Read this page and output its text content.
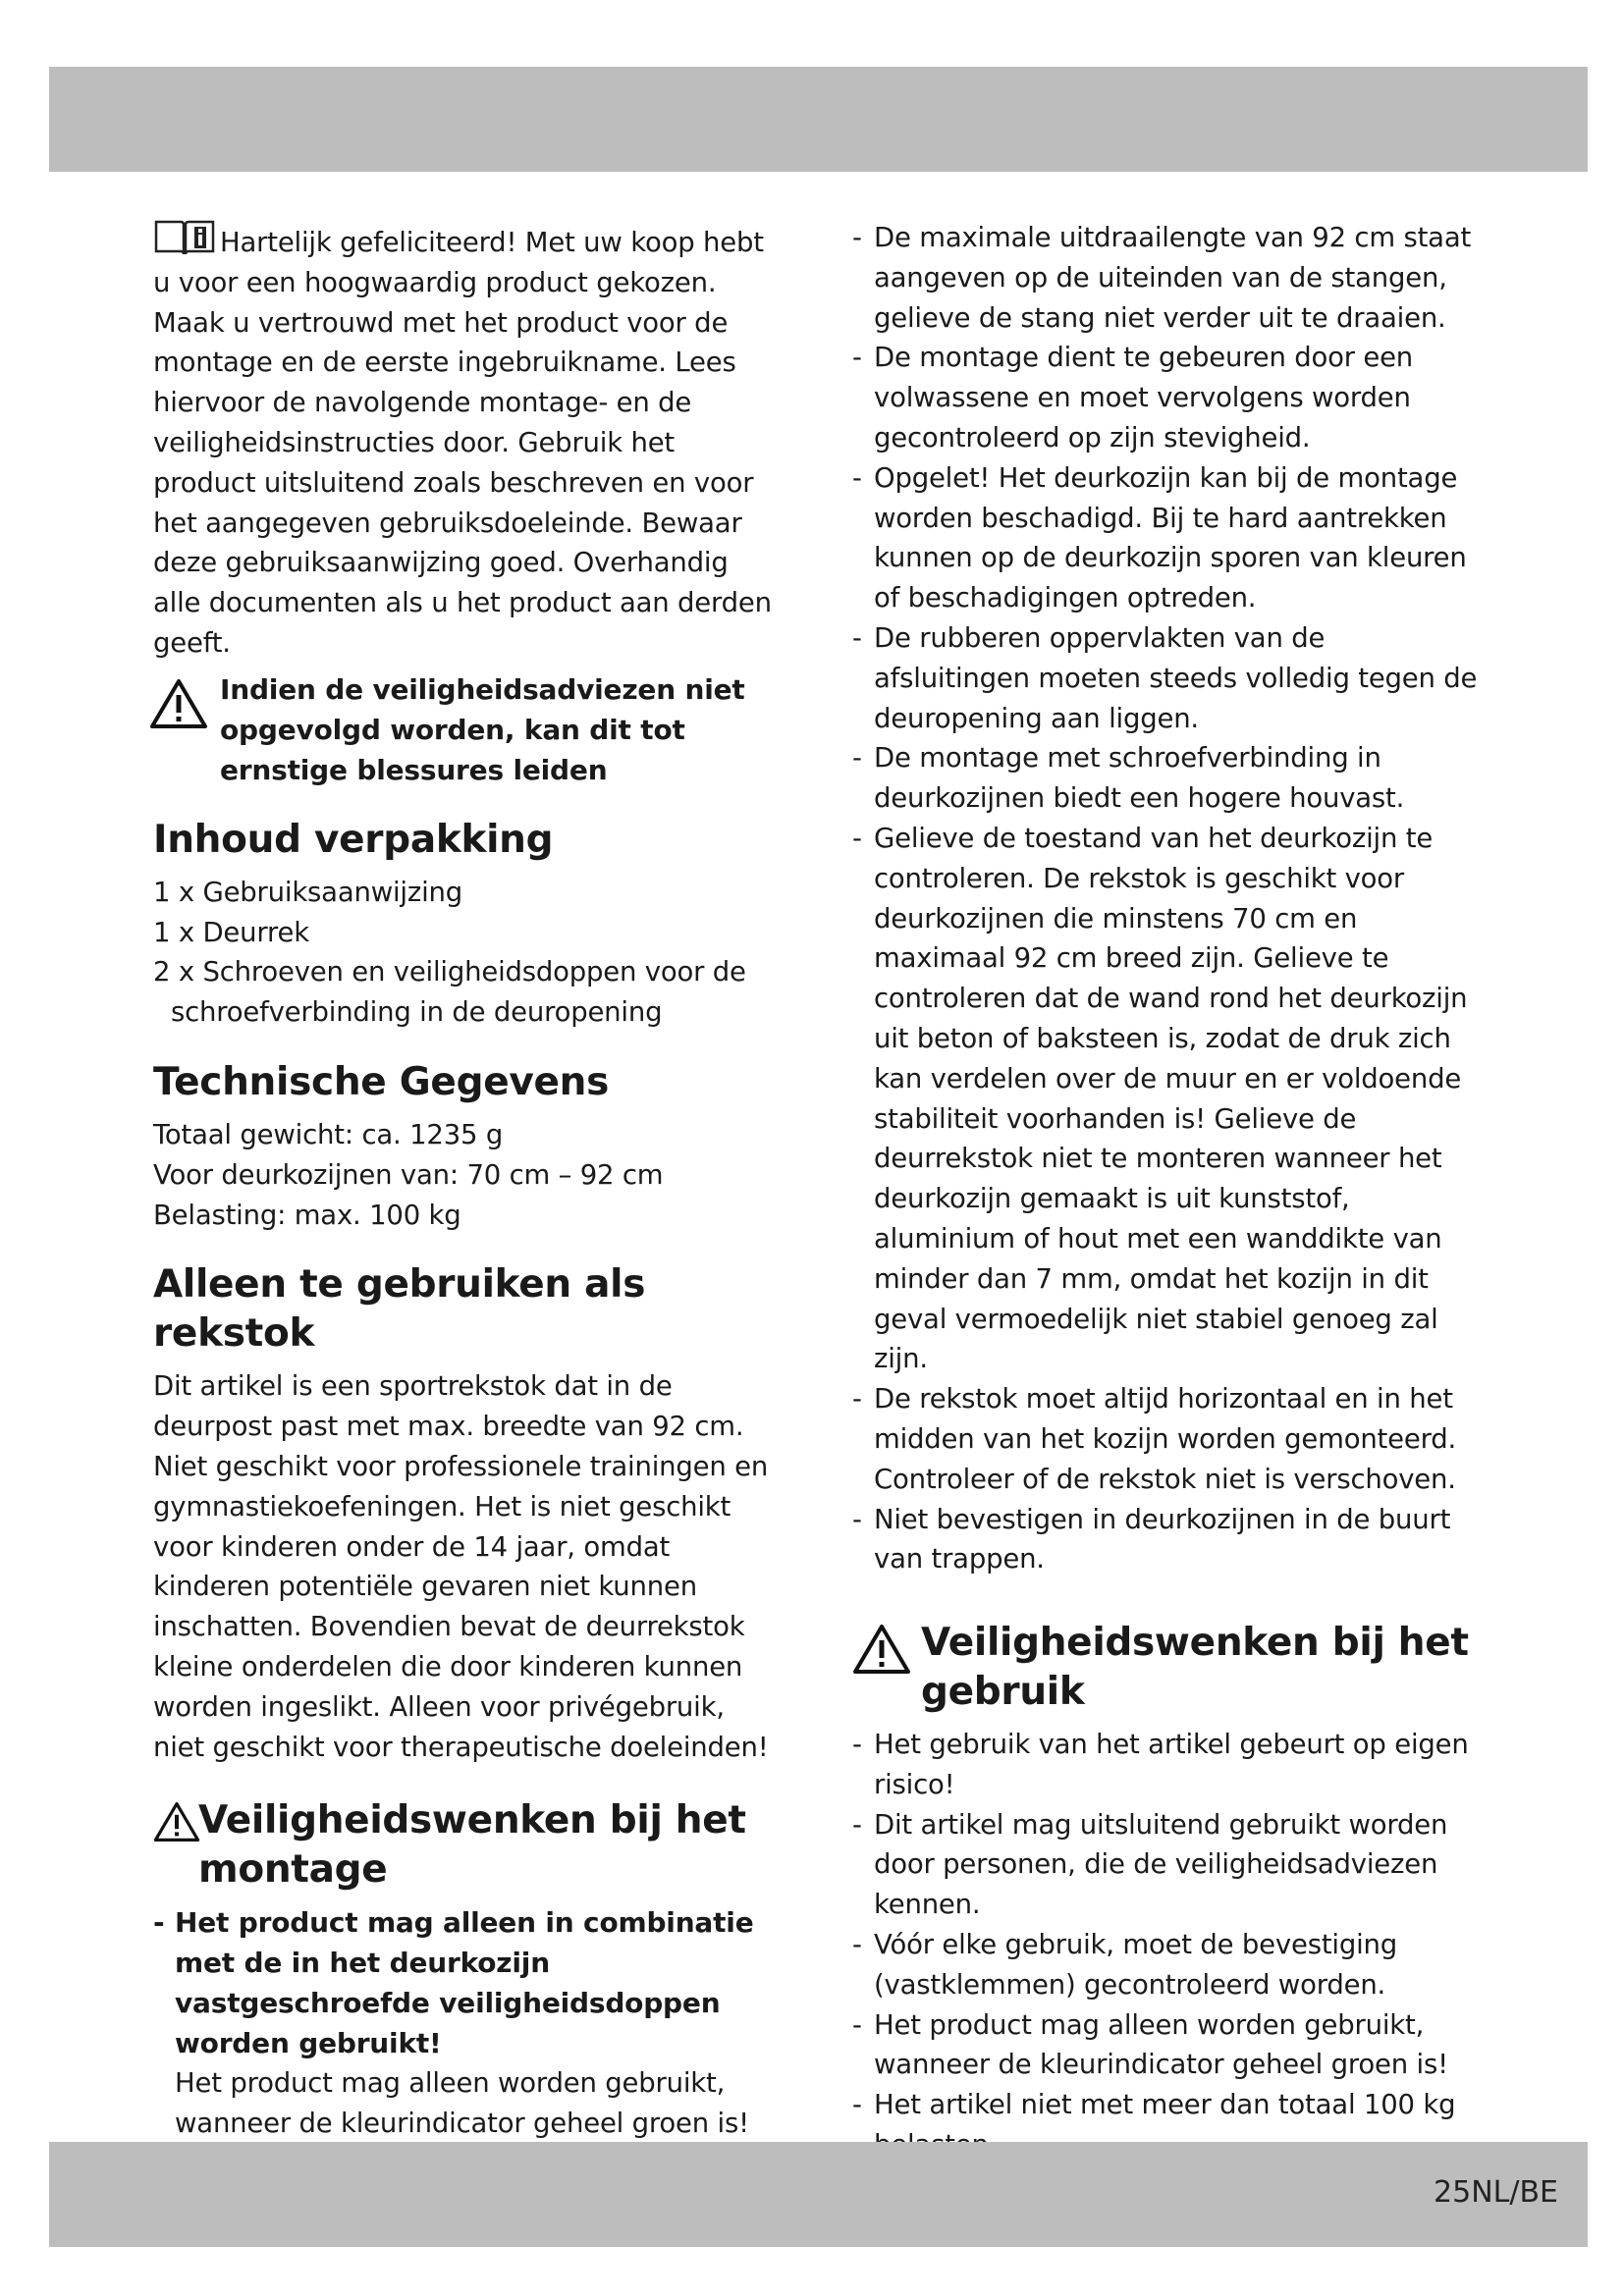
Hartelijk gefeliciteerd! Met uw koop hebt u voor een hoogwaardig product gekozen. Maak u vertrouwd met het product voor de montage en de eerste ingebruikname. Lees hiervoor de navolgende montage- en de veiligheidsinstructies door. Gebruik het product uitsluitend zoals beschreven en voor het aangegeven gebruiksdoeleinde. Bewaar deze gebruiksaanwijzing goed. Overhandig alle documenten als u het product aan derden geeft.

Indien de veiligheidsadviezen niet opgevolgd worden, kan dit tot ernstige blessures leiden
Inhoud verpakking

1 x Gebruiksaanwijzing

1 x Deurrek

2 x Schroeven en veiligheidsdoppen voor de schroefverbinding in de deuropening

Technische Gegevens

Totaal gewicht: ca. 1235 g

Voor deurkozijnen van: 70 cm – 92 cm

Belasting: max. 100 kg

Alleen te gebruiken als rekstok

Dit artikel is een sportrekstok dat in de deurpost past met max. breedte van 92 cm. Niet geschikt voor professionele trainingen en gymnastiekoefeningen. Het is niet geschikt voor kinderen onder de 14 jaar, omdat kinderen potentiële gevaren niet kunnen inschatten. Bovendien bevat de deurrekstok kleine onderdelen die door kinderen kunnen worden ingeslikt. Alleen voor privégebruik, niet geschikt voor therapeutische doeleinden!

Veiligheidswenken bij het montage
- Het product mag alleen in combinatie met de in het deurkozijn vastgeschroefde veiligheidsdoppen worden gebruikt!

Het product mag alleen worden gebruikt, wanneer de kleurindicator geheel groen is!

- De maximale uitdraailengte van 92 cm staat aangeven op de uiteinden van de stangen, gelieve de stang niet verder uit te draaien.
- De montage dient te gebeuren door een volwassene en moet vervolgens worden gecontroleerd op zijn stevigheid.
- Opgelet! Het deurkozijn kan bij de montage worden beschadigd. Bij te hard aantrekken kunnen op de deurkozijn sporen van kleuren of beschadigingen optreden.
- De rubberen oppervlakten van de afsluitingen moeten steeds volledig tegen de deuropening aan liggen.
- De montage met schroefverbinding in deurkozijnen biedt een hogere houvast.
- Gelieve de toestand van het deurkozijn te controleren. De rekstok is geschikt voor deurkozijnen die minstens 70 cm en maximaal 92 cm breed zijn. Gelieve te controleren dat de wand rond het deurkozijn uit beton of baksteen is, zodat de druk zich kan verdelen over de muur en er voldoende stabiliteit voorhanden is! Gelieve de deurrekstok niet te monteren wanneer het deurkozijn gemaakt is uit kunststof, aluminium of hout met een wanddikte van minder dan 7 mm, omdat het kozijn in dit geval vermoedelijk niet stabiel genoeg zal zijn.
- De rekstok moet altijd horizontaal en in het midden van het kozijn worden gemonteerd. Controleer of de rekstok niet is verschoven.
- Niet bevestigen in deurkozijnen in de buurt van trappen.
Veiligheidswenken bij het gebruik
- Het gebruik van het artikel gebeurt op eigen risico!
- Dit artikel mag uitsluitend gebruikt worden door personen, die de veiligheidsadviezen kennen.
- Vóór elke gebruik, moet de bevestiging (vastklemmen) gecontroleerd worden.
- Het product mag alleen worden gebruikt, wanneer de kleurindicator geheel groen is!
- Het artikel niet met meer dan totaal 100 kg
25NL/BE
